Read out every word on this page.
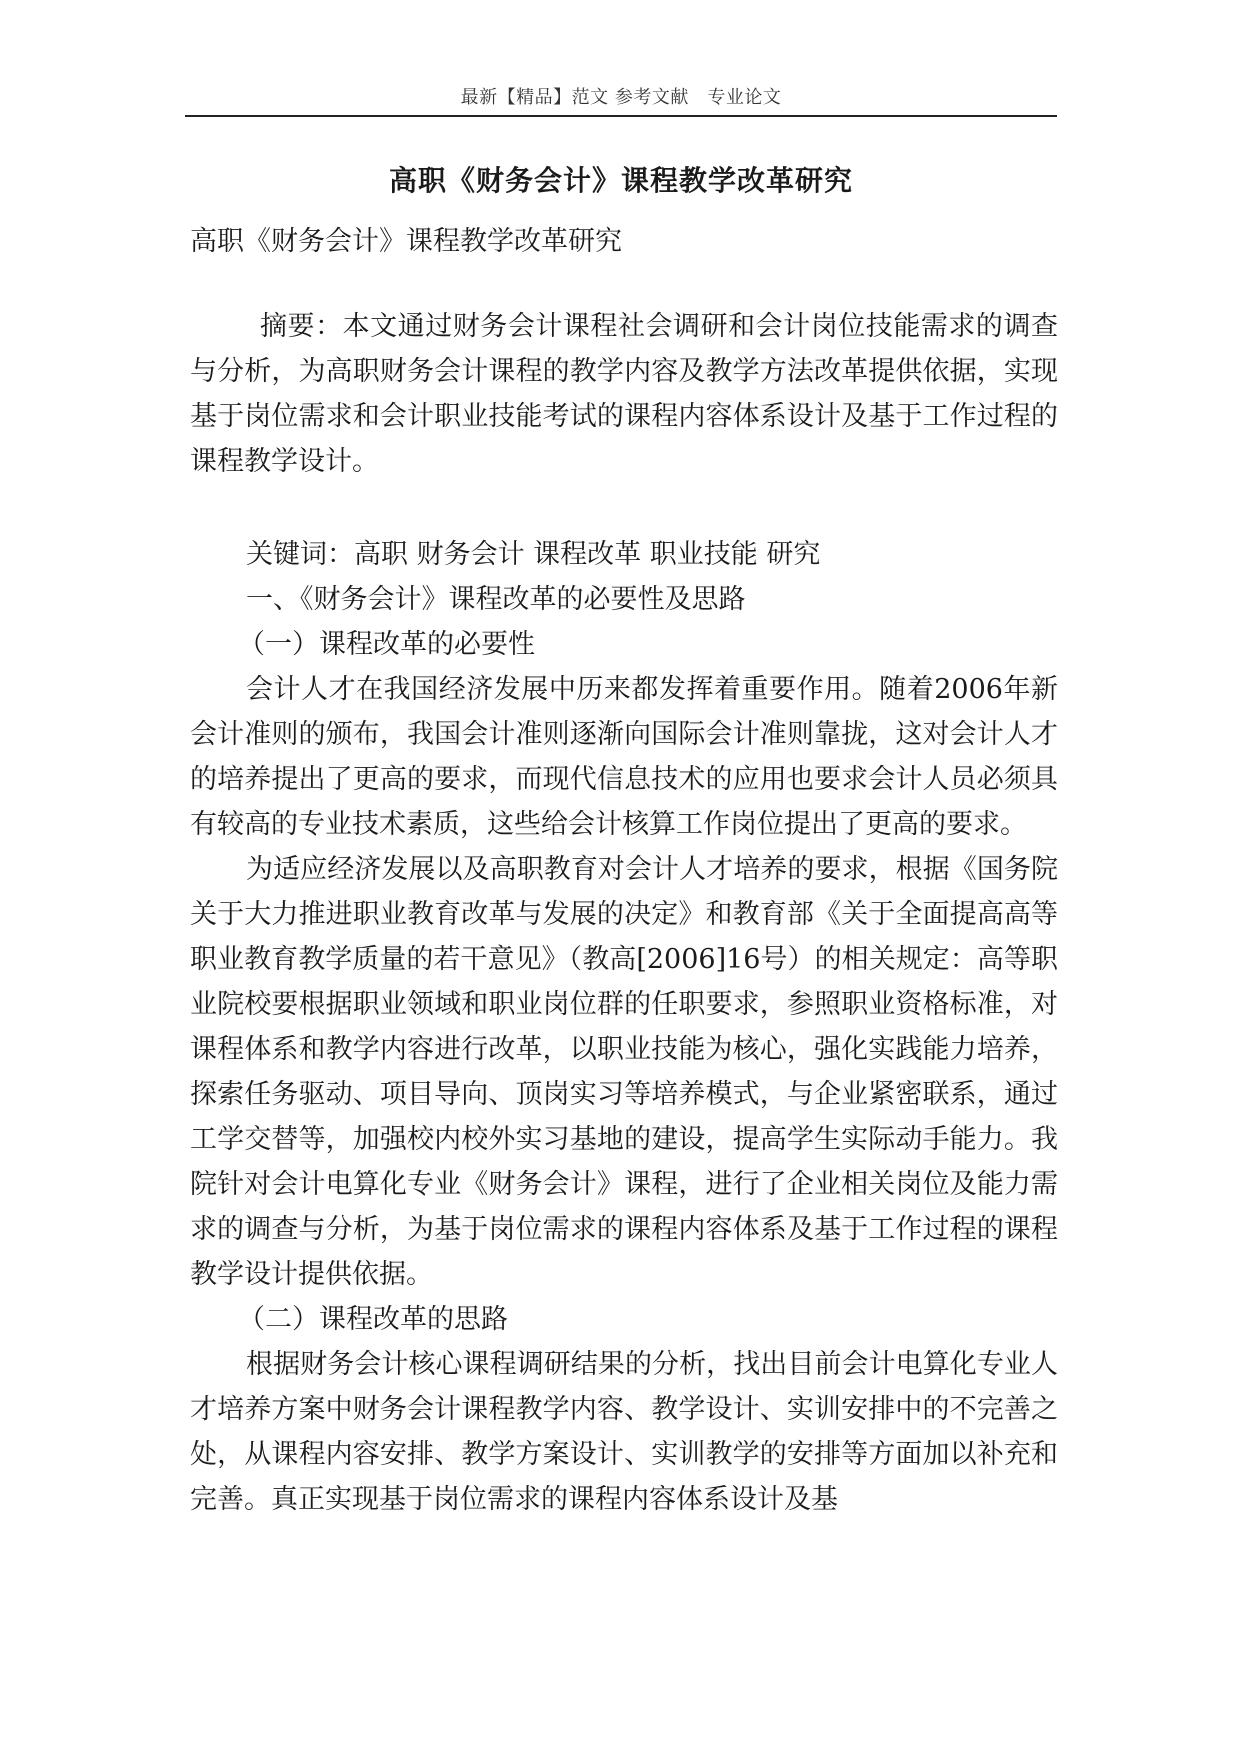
最新【精品】范文 参考文献　专业论文
高职《财务会计》课程教学改革研究

高职《财务会计》课程教学改革研究

摘要：本文通过财务会计课程社会调研和会计岗位技能需求的调查与分析，为高职财务会计课程的教学内容及教学方法改革提供依据，实现基于岗位需求和会计职业技能考试的课程内容体系设计及基于工作过程的课程教学设计。

关键词：高职 财务会计 课程改革 职业技能 研究

一、《财务会计》课程改革的必要性及思路

（一）课程改革的必要性

会计人才在我国经济发展中历来都发挥着重要作用。随着2006年新会计准则的颁布，我国会计准则逐渐向国际会计准则靠拢，这对会计人才的培养提出了更高的要求，而现代信息技术的应用也要求会计人员必须具有较高的专业技术素质，这些给会计核算工作岗位提出了更高的要求。

为适应经济发展以及高职教育对会计人才培养的要求，根据《国务院关于大力推进职业教育改革与发展的决定》和教育部《关于全面提高高等职业教育教学质量的若干意见》（教高[2006]16号）的相关规定：高等职业院校要根据职业领域和职业岗位群的任职要求，参照职业资格标准，对课程体系和教学内容进行改革，以职业技能为核心，强化实践能力培养，探索任务驱动、项目导向、顶岗实习等培养模式，与企业紧密联系，通过工学交替等，加强校内校外实习基地的建设，提高学生实际动手能力。我院针对会计电算化专业《财务会计》课程，进行了企业相关岗位及能力需求的调查与分析，为基于岗位需求的课程内容体系及基于工作过程的课程教学设计提供依据。

（二）课程改革的思路

根据财务会计核心课程调研结果的分析，找出目前会计电算化专业人才培养方案中财务会计课程教学内容、教学设计、实训安排中的不完善之处，从课程内容安排、教学方案设计、实训教学的安排等方面加以补充和完善。真正实现基于岗位需求的课程内容体系设计及基
